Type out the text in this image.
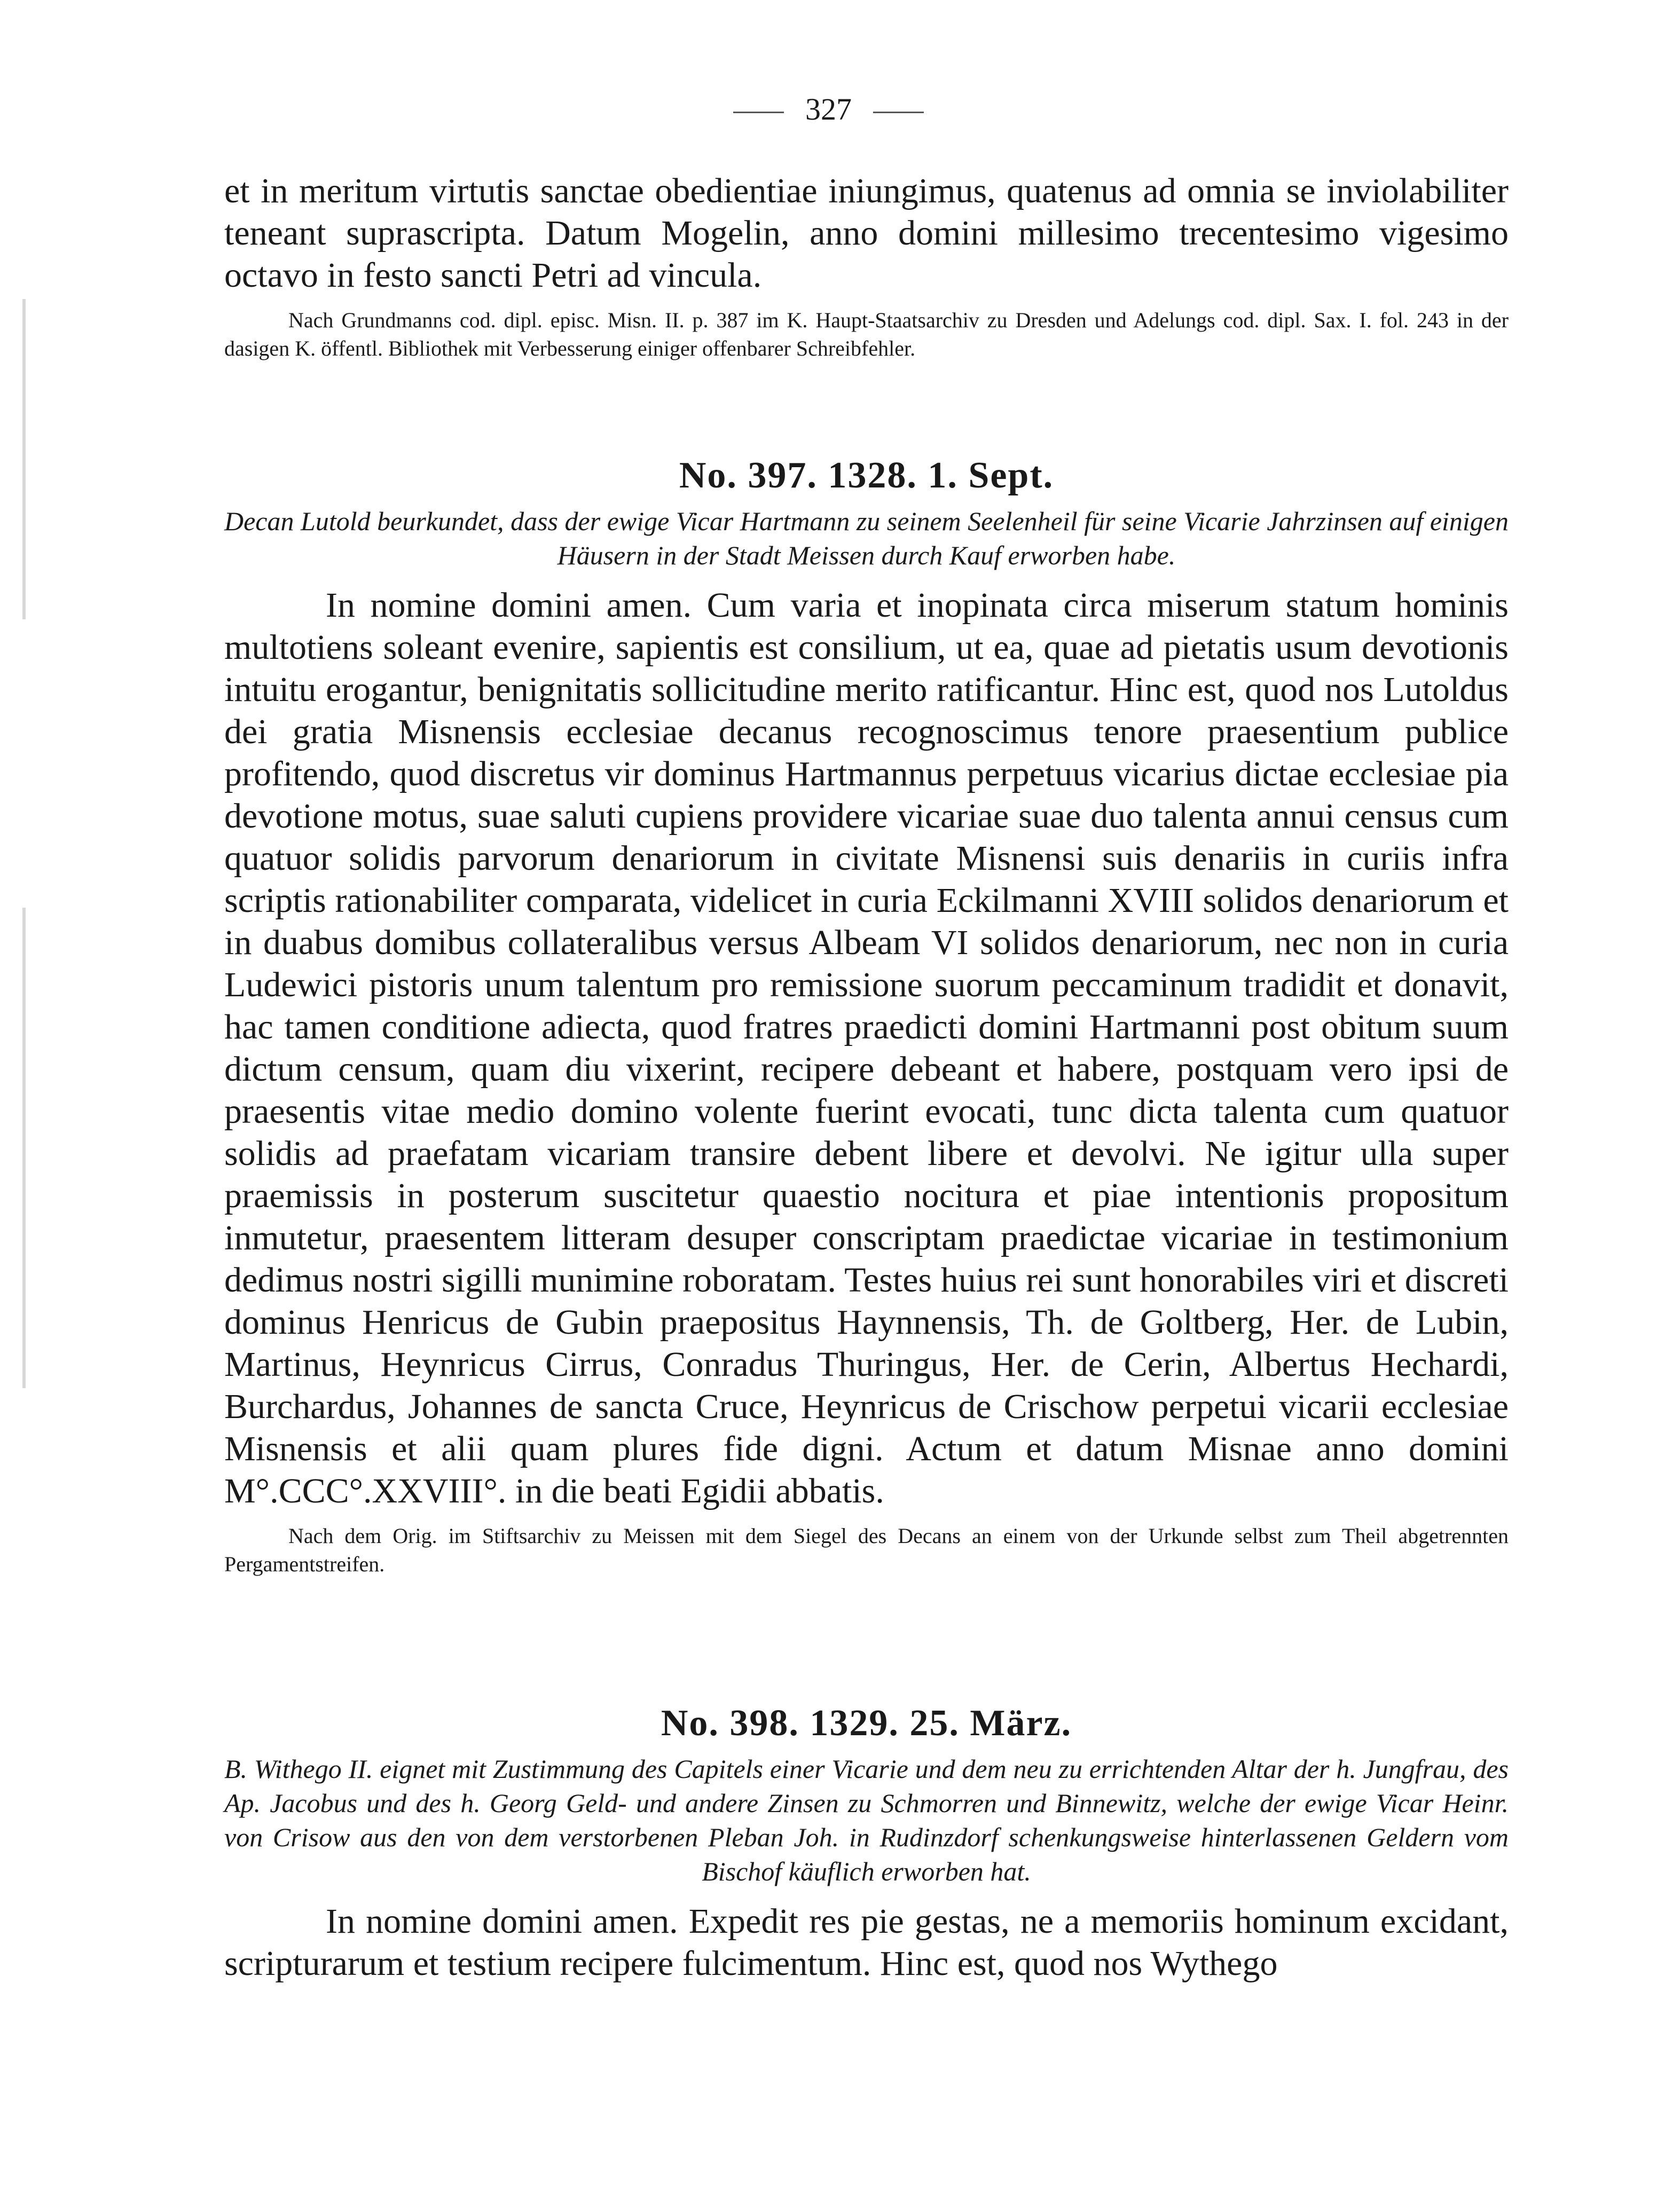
327

et in meritum virtutis sanctae obedientiae iniungimus, quatenus ad omnia se inviolabiliter teneant suprascripta. Datum Mogelin, anno domini millesimo trecentesimo vigesimo octavo in festo sancti Petri ad vincula.

Nach Grundmanns cod. dipl. episc. Misn. II. p. 387 im K. Haupt-Staatsarchiv zu Dresden und Adelungs cod. dipl. Sax. I. fol. 243 in der dasigen K. öffentl. Bibliothek mit Verbesserung einiger offenbarer Schreibfehler.

No. 397. 1328. 1. Sept.

Decan Lutold beurkundet, dass der ewige Vicar Hartmann zu seinem Seelenheil für seine Vicarie Jahrzinsen auf einigen Häusern in der Stadt Meissen durch Kauf erworben habe.

In nomine domini amen. Cum varia et inopinata circa miserum statum hominis multotiens soleant evenire, sapientis est consilium, ut ea, quae ad pietatis usum devotionis intuitu erogantur, benignitatis sollicitudine merito ratificantur. Hinc est, quod nos Lutoldus dei gratia Misnensis ecclesiae decanus recognoscimus tenore praesentium publice profitendo, quod discretus vir dominus Hartmannus perpetuus vicarius dictae ecclesiae pia devotione motus, suae saluti cupiens providere vicariae suae duo talenta annui census cum quatuor solidis parvorum denariorum in civitate Misnensi suis denariis in curiis infra scriptis rationabiliter comparata, videlicet in curia Eckilmanni XVIII solidos denariorum et in duabus domibus collateralibus versus Albeam VI solidos denariorum, nec non in curia Ludewici pistoris unum talentum pro remissione suorum peccaminum tradidit et donavit, hac tamen conditione adiecta, quod fratres praedicti domini Hartmanni post obitum suum dictum censum, quam diu vixerint, recipere debeant et habere, postquam vero ipsi de praesentis vitae medio domino volente fuerint evocati, tunc dicta talenta cum quatuor solidis ad praefatam vicariam transire debent libere et devolvi. Ne igitur ulla super praemissis in posterum suscitetur quaestio nocitura et piae intentionis propositum inmutetur, praesentem litteram desuper conscriptam praedictae vicariae in testimonium dedimus nostri sigilli munimine roboratam. Testes huius rei sunt honorabiles viri et discreti dominus Henricus de Gubin praepositus Haynnensis, Th. de Goltberg, Her. de Lubin, Martinus, Heynricus Cirrus, Conradus Thuringus, Her. de Cerin, Albertus Hechardi, Burchardus, Johannes de sancta Cruce, Heynricus de Crischow perpetui vicarii ecclesiae Misnensis et alii quam plures fide digni. Actum et datum Misnae anno domini M°.CCC°.XXVIII°. in die beati Egidii abbatis.

Nach dem Orig. im Stiftsarchiv zu Meissen mit dem Siegel des Decans an einem von der Urkunde selbst zum Theil abgetrennten Pergamentstreifen.

No. 398. 1329. 25. März.

B. Withego II. eignet mit Zustimmung des Capitels einer Vicarie und dem neu zu errichtenden Altar der h. Jungfrau, des Ap. Jacobus und des h. Georg Geld- und andere Zinsen zu Schmorren und Binnewitz, welche der ewige Vicar Heinr. von Crisow aus den von dem verstorbenen Pleban Joh. in Rudinzdorf schenkungsweise hinterlassenen Geldern vom Bischof käuflich erworben hat.

In nomine domini amen. Expedit res pie gestas, ne a memoriis hominum excidant, scripturarum et testium recipere fulcimentum. Hinc est, quod nos Wythego
